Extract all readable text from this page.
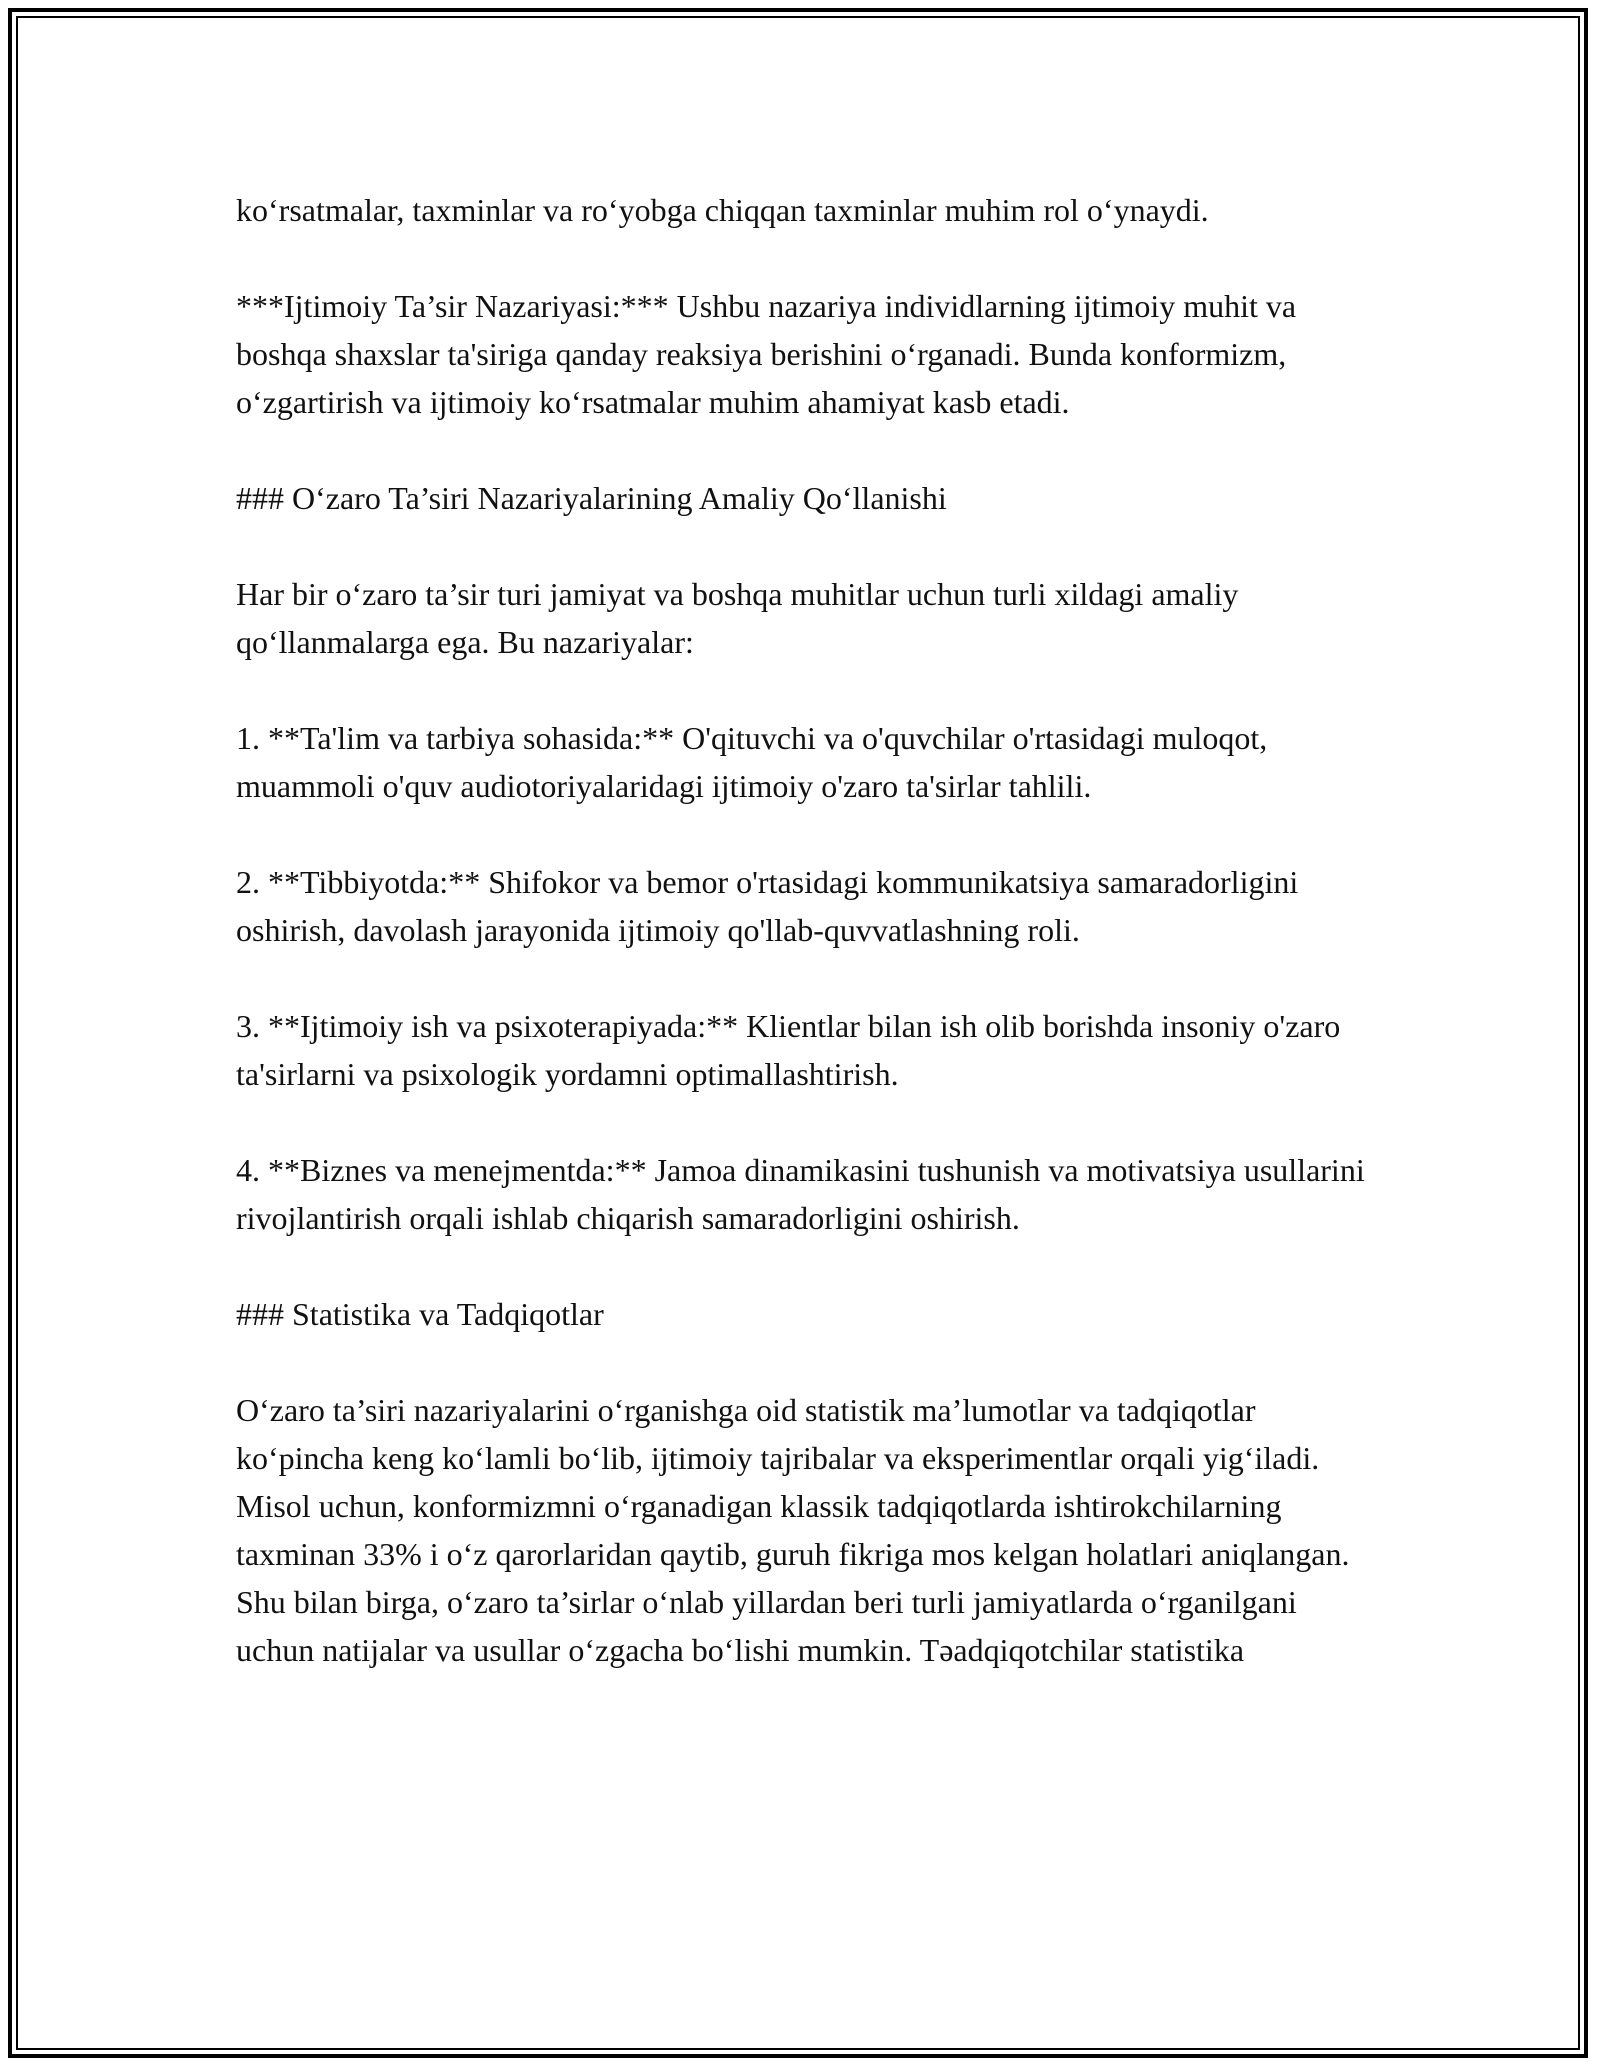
ko‘rsatmalar, taxminlar va ro‘yobga chiqqan taxminlar muhim rol o‘ynaydi.

***Ijtimoiy Ta’sir Nazariyasi:*** Ushbu nazariya individlarning ijtimoiy muhit va boshqa shaxslar ta'siriga qanday reaksiya berishini o‘rganadi. Bunda konformizm, o‘zgartirish va ijtimoiy ko‘rsatmalar muhim ahamiyat kasb etadi.

### O‘zaro Ta’siri Nazariyalarining Amaliy Qo‘llanishi

Har bir o‘zaro ta’sir turi jamiyat va boshqa muhitlar uchun turli xildagi amaliy qo‘llanmalarga ega. Bu nazariyalar:

1. **Ta'lim va tarbiya sohasida:** O'qituvchi va o'quvchilar o'rtasidagi muloqot, muammoli o'quv audiotoriyalaridagi ijtimoiy o'zaro ta'sirlar tahlili.

2. **Tibbiyotda:** Shifokor va bemor o'rtasidagi kommunikatsiya samaradorligini oshirish, davolash jarayonida ijtimoiy qo'llab-quvvatlashning roli.

3. **Ijtimoiy ish va psixoterapiyada:** Klientlar bilan ish olib borishda insoniy o'zaro ta'sirlarni va psixologik yordamni optimallashtirish.

4. **Biznes va menejmentda:** Jamoa dinamikasini tushunish va motivatsiya usullarini rivojlantirish orqali ishlab chiqarish samaradorligini oshirish.

### Statistika va Tadqiqotlar

O‘zaro ta’siri nazariyalarini o‘rganishga oid statistik ma’lumotlar va tadqiqotlar ko‘pincha keng ko‘lamli bo‘lib, ijtimoiy tajribalar va eksperimentlar orqali yig‘iladi. Misol uchun, konformizmni o‘rganadigan klassik tadqiqotlarda ishtirokchilarning taxminan 33% i o‘z qarorlaridan qaytib, guruh fikriga mos kelgan holatlari aniqlangan. Shu bilan birga, o‘zaro ta’sirlar o‘nlab yillardan beri turli jamiyatlarda o‘rganilgani uchun natijalar va usullar o‘zgacha bo‘lishi mumkin. Təadqiqotchilar statistika
